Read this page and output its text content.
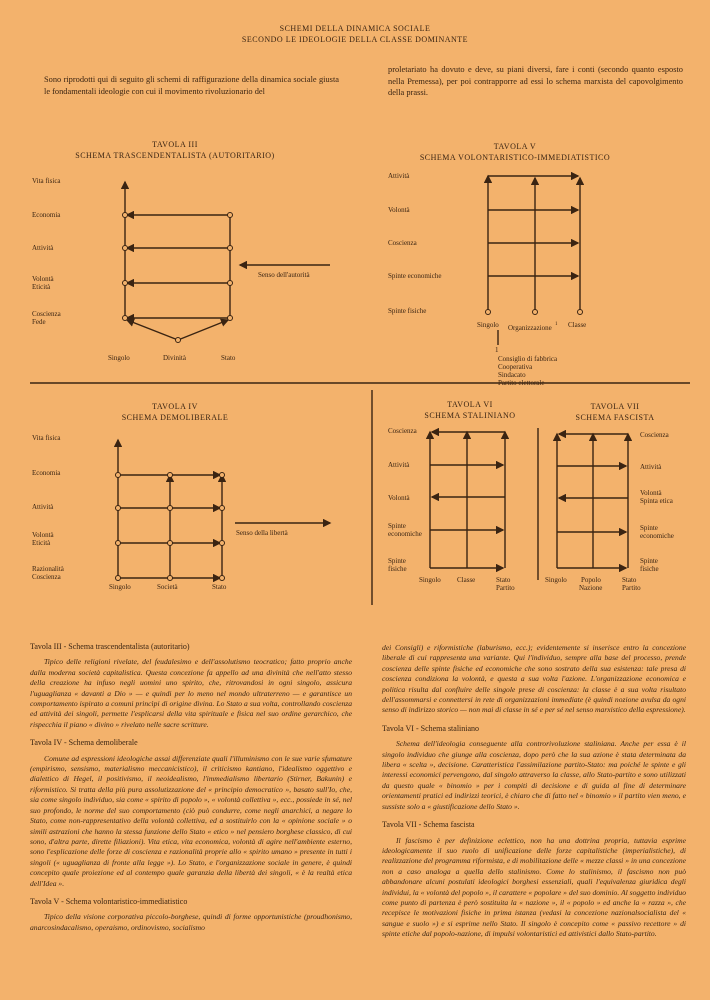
SCHEMI DELLA DINAMICA SOCIALE
SECONDO LE IDEOLOGIE DELLA CLASSE DOMINANTE
Sono riprodotti qui di seguito gli schemi di raffigurazione della dinamica sociale giusta le fondamentali ideologie con cui il movimento rivoluzionario del
proletariato ha dovuto e deve, su piani diversi, fare i conti (secondo quanto esposto nella Premessa), per poi contrapporre ad essi lo schema marxista del capovolgimento della prassi.
TAVOLA III
SCHEMA TRASCENDENTALISTA (AUTORITARIO)
TAVOLA V
SCHEMA VOLONTARISTICO-IMMEDIATISTICO
TAVOLA IV
SCHEMA DEMOLIBERALE
TAVOLA VI
SCHEMA STALINIANO
TAVOLA VII
SCHEMA FASCISTA
Vita fisica
Economia
Attività
Volontà
Eticità
Coscienza
Fede
Senso dell'autorità
Singolo	Divinità	Stato
Attività
Volontà
Coscienza
Spinte economiche
Spinte fisiche
Singolo Organizzazione 1 Classe
1
Consiglio di fabbrica
Cooperativa
Sindacato
Partito elettorale
Vita fisica
Economia
Attività
Volontà
Eticità
Razionalità
Coscienza
Senso della libertà
Singolo	Società	Stato
Coscienza
Attività
Volontà
Spinte
economiche
Spinte
fisiche
Singolo Classe	Stato
Partito
Coscienza
Attività
Volontà
Spinta etica
Spinte
economiche
Spinte
fisiche
Singolo Popolo
Nazione
Stato
Partito
Tavola III - Schema trascendentalista (autoritario)

Tipico delle religioni rivelate, del feudalesimo e dell'assolutismo teocratico; fatto proprio anche dalla moderna società capitalistica. Questa concezione fa appello ad una divinità che nell'atto stesso della creazione ha infuso negli uomini uno spirito, che, ritrovandosi in ogni singolo, assicura l'uguaglianza « davanti a Dio » — e quindi per lo meno nel mondo ultraterreno — e garantisce un comportamento ispirato a comuni princìpi di origine divina. Lo Stato a sua volta, controllando coscienza ed attività dei singoli, permette l'esplicarsi della vita spirituale e fisica nel suo ordine gerarchico, che rispecchia il piano « divino » rivelato nelle sacre scritture.

Tavola IV - Schema demoliberale

Comune ad espressioni ideologiche assai differenziate quali l'illuminismo con le sue varie sfumature (empirismo, sensismo, materialismo meccanicistico), il criticismo kantiano, l'idealismo oggettivo e dialettico di Hegel, il positivismo, il neoidealismo, l'immedialismo libertario (Stirner, Bakunin) e riformistico. Si tratta della più pura assolutizzazione del « principio democratico », basato sull'Io, che, sia come singolo individuo, sia come « spirito di popolo », « volontà collettiva », ecc., possiede in sé, nel suo profondo, le norme del suo comportamento (ciò può condurre, come negli anarchici, a negare lo Stato, come non-rappresentativo della volontà collettiva, ed a sostituirlo con la « opinione sociale » o simili astrazioni che hanno la stessa funzione dello Stato « etico » nel pensiero borghese classico, di cui sono, d'altra parte, dirette filiazioni). Vita etica, vita economica, volontà di agire nell'ambiente esterno, sono l'esplicazione delle forze di coscienza e razionalità proprie allo « spirito umano » presente in tutti i singoli (« uguaglianza di fronte alla legge »). Lo Stato, e l'organizzazione sociale in genere, è quindi concepito quale proiezione ed al contempo quale garanzia della libertà dei singoli, « è la realtà etica dell'Idea ».

Tavola V - Schema volontaristico-immediatistico

Tipico della visione corporativa piccolo-borghese, quindi di forme opportunistiche (proudhonismo, anarcosindacalismo, operaismo, ordinovismo, socialismo

dei Consigli) e riformistiche (laburismo, ecc.); evidentemente si inserisce entro la concezione liberale di cui rappresenta una variante. Qui l'individuo, sempre alla base del processo, prende coscienza delle spinte fisiche ed economiche che sono sostrato della sua esistenza: tale presa di coscienza condiziona la volontà, e questa a sua volta l'azione. L'organizzazione economica e politica risulta dal confluire delle singole prese di coscienza: la classe è a sua volta risultato dell'assommarsi e connettersi in rete di organizzazioni immediate (è quindi nozione avulsa da ogni senso di indirizzo storico — non mai di classe in sé e per sé nel senso marxistico della espressione).

Tavola VI - Schema staliniano

Schema dell'ideologia conseguente alla controrivoluzione staliniana. Anche per essa è il singolo individuo che giunge alla coscienza, dopo però che la sua azione è stata determinata da libera « scelta », decisione. Caratteristica l'assimilazione partito-Stato: ma poiché le spinte e gli interessi economici pervengono, dal singolo attraverso la classe, allo Stato-partito e sono utilizzati da questo quale « binomio » per i compiti di decisione e di guida al fine di determinare orientamenti pratici ed indirizzi teorici, è chiaro che di fatto nel « binomio » il partito vien meno, e sussiste solo a « giustificazione dello Stato ».

Tavola VII - Schema fascista

Il fascismo è per definizione eclettico, non ha una dottrina propria, tuttavia esprime ideologicamente il suo ruolo di unificazione delle forze capitalistiche (imperialistiche), di realizzazione del programma riformista, e di mobilitazione delle « mezze classi » in una concezione non a caso analoga a quella dello stalinismo. Come lo stalinismo, il fascismo non può abbandonare alcuni postulati ideologici borghesi essenziali, quali l'equivalenza giuridica degli individui, la « volontà del popolo », il carattere « popolare » del suo dominio. Al soggetto individuo come punto di partenza è però sostituita la « nazione », il « popolo » ed anche la « razza », che recepisce le motivazioni fisiche in prima istanza (vedasi la concezione nazionalsocialista del « sangue e suolo ») e si esprime nello Stato. Il singolo è concepito come « passivo recettore » di spinte etiche dal popolo-nazione, di impulsi volontaristici ed attivistici dallo Stato-partito.
